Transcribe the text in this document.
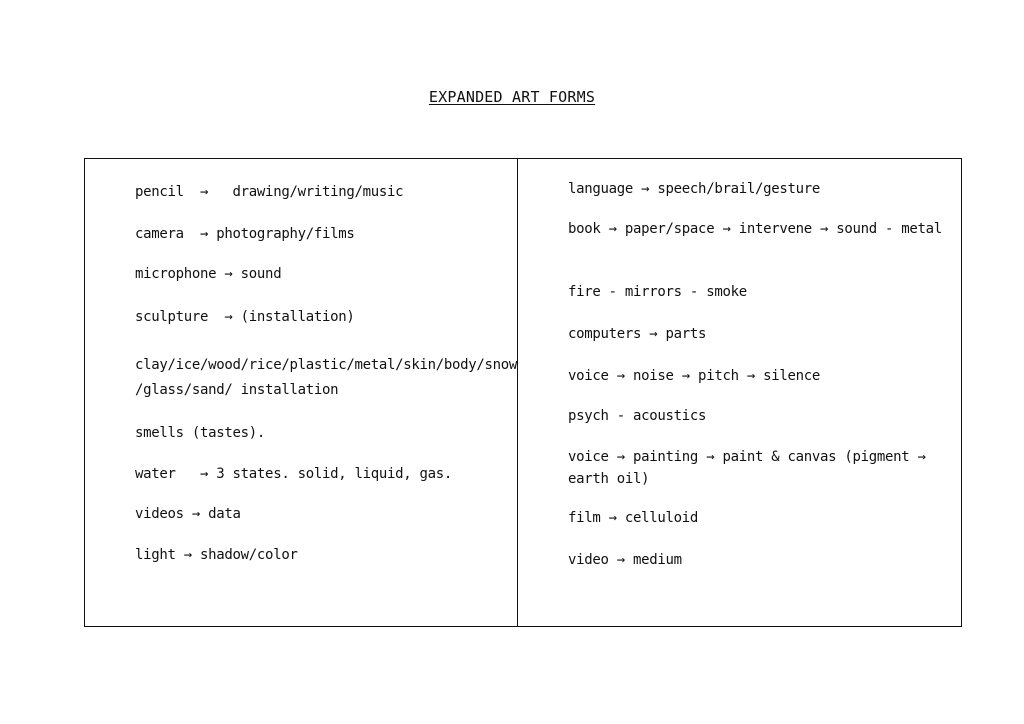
EXPANDED ART FORMS
pencil  →   drawing/writing/music
camera  → photography/films
microphone → sound
sculpture  → (installation)
clay/ice/wood/rice/plastic/metal/skin/body/snow /glass/sand/ installation
smells (tastes).
water   → 3 states. solid, liquid, gas.
videos → data
light → shadow/color
language → speech/brail/gesture
book → paper/space → intervene → sound - metal
fire - mirrors - smoke
computers → parts
voice → noise → pitch → silence
psych - acoustics
voice → painting → paint & canvas (pigment → earth oil)
film → celluloid
video → medium
